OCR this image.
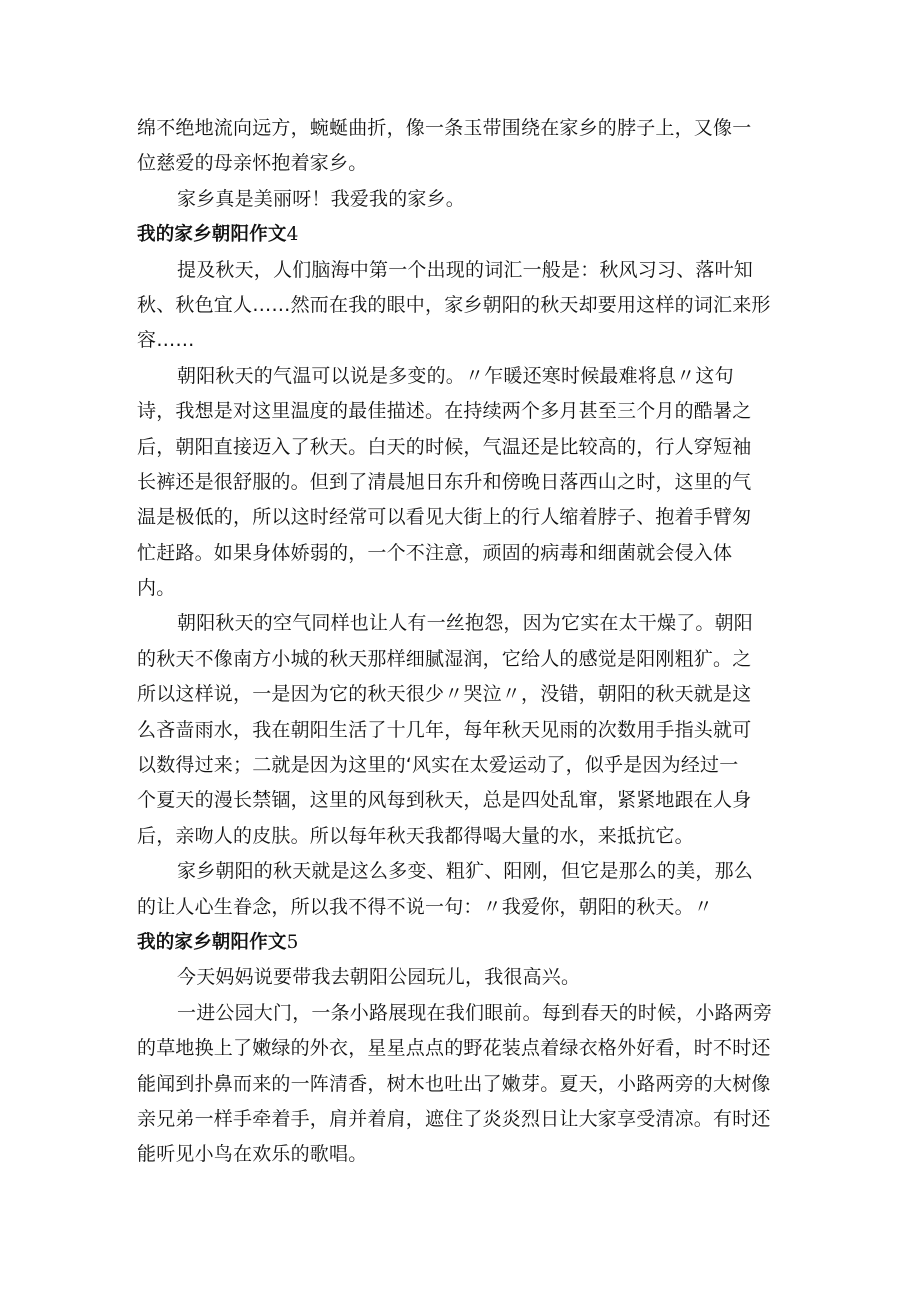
绵不绝地流向远方，蜿蜒曲折，像一条玉带围绕在家乡的脖子上，又像一
位慈爱的母亲怀抱着家乡。
家乡真是美丽呀！我爱我的家乡。
我的家乡朝阳作文4
提及秋天，人们脑海中第一个出现的词汇一般是：秋风习习、落叶知
秋、秋色宜人……然而在我的眼中，家乡朝阳的秋天却要用这样的词汇来形
容……
朝阳秋天的气温可以说是多变的。〃乍暖还寒时候最难将息〃这句
诗，我想是对这里温度的最佳描述。在持续两个多月甚至三个月的酷暑之
后，朝阳直接迈入了秋天。白天的时候，气温还是比较高的，行人穿短袖
长裤还是很舒服的。但到了清晨旭日东升和傍晚日落西山之时，这里的气
温是极低的，所以这时经常可以看见大街上的行人缩着脖子、抱着手臂匆
忙赶路。如果身体娇弱的，一个不注意，顽固的病毒和细菌就会侵入体
内。
朝阳秋天的空气同样也让人有一丝抱怨，因为它实在太干燥了。朝阳
的秋天不像南方小城的秋天那样细腻湿润，它给人的感觉是阳刚粗犷。之
所以这样说，一是因为它的秋天很少〃哭泣〃，没错，朝阳的秋天就是这
么吝啬雨水，我在朝阳生活了十几年，每年秋天见雨的次数用手指头就可
以数得过来；二就是因为这里的‘风实在太爱运动了，似乎是因为经过一
个夏天的漫长禁锢，这里的风每到秋天，总是四处乱窜，紧紧地跟在人身
后，亲吻人的皮肤。所以每年秋天我都得喝大量的水，来抵抗它。
家乡朝阳的秋天就是这么多变、粗犷、阳刚，但它是那么的美，那么
的让人心生眷念，所以我不得不说一句：〃我爱你，朝阳的秋天。〃
我的家乡朝阳作文5
今天妈妈说要带我去朝阳公园玩儿，我很高兴。
一进公园大门，一条小路展现在我们眼前。每到春天的时候，小路两旁
的草地换上了嫩绿的外衣，星星点点的野花装点着绿衣格外好看，时不时还
能闻到扑鼻而来的一阵清香，树木也吐出了嫩芽。夏天，小路两旁的大树像
亲兄弟一样手牵着手，肩并着肩，遮住了炎炎烈日让大家享受清凉。有时还
能听见小鸟在欢乐的歌唱。
